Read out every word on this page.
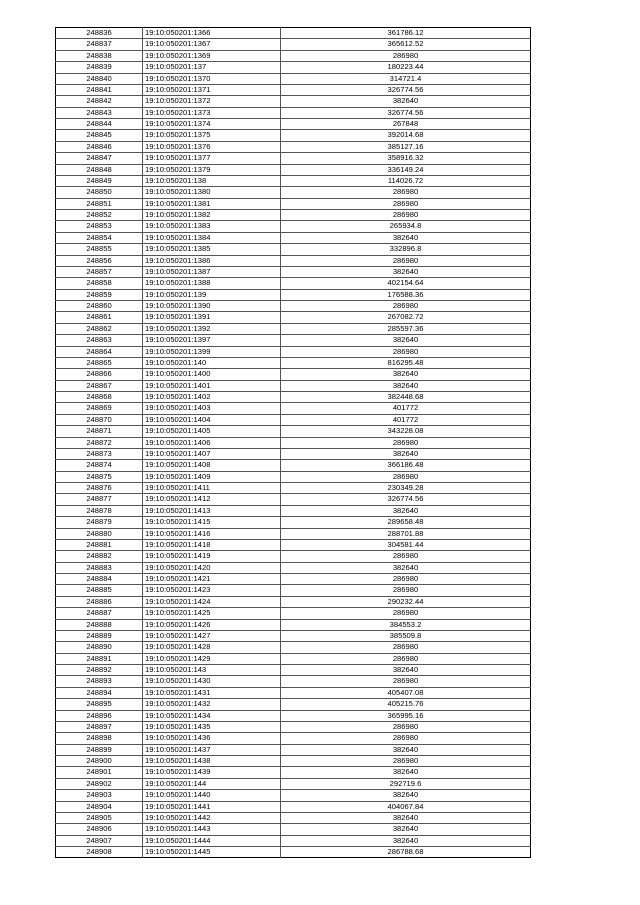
248836	19:10:050201:1366	361786.12
248837	19:10:050201:1367	365612.52
248838	19:10:050201:1369	286980
248839	19:10:050201:137	180223.44
248840	19:10:050201:1370	314721.4
248841	19:10:050201:1371	326774.56
248842	19:10:050201:1372	382640
248843	19:10:050201:1373	326774.56
248844	19:10:050201:1374	267848
248845	19:10:050201:1375	392014.68
248846	19:10:050201:1376	385127.16
248847	19:10:050201:1377	358916.32
248848	19:10:050201:1379	336149.24
248849	19:10:050201:138	114026.72
248850	19:10:050201:1380	286980
248851	19:10:050201:1381	286980
248852	19:10:050201:1382	286980
248853	19:10:050201:1383	265934.8
248854	19:10:050201:1384	382640
248855	19:10:050201:1385	332896.8
248856	19:10:050201:1386	286980
248857	19:10:050201:1387	382640
248858	19:10:050201:1388	402154.64
248859	19:10:050201:139	176588.36
248860	19:10:050201:1390	286980
248861	19:10:050201:1391	267082.72
248862	19:10:050201:1392	285597.36
248863	19:10:050201:1397	382640
248864	19:10:050201:1399	286980
248865	19:10:050201:140	816295.48
248866	19:10:050201:1400	382640
248867	19:10:050201:1401	382640
248868	19:10:050201:1402	382448.68
248869	19:10:050201:1403	401772
248870	19:10:050201:1404	401772
248871	19:10:050201:1405	343228.08
248872	19:10:050201:1406	286980
248873	19:10:050201:1407	382640
248874	19:10:050201:1408	366186.48
248875	19:10:050201:1409	286980
248876	19:10:050201:1411	230349.28
248877	19:10:050201:1412	326774.56
248878	19:10:050201:1413	382640
248879	19:10:050201:1415	289658.48
248880	19:10:050201:1416	288701.88
248881	19:10:050201:1418	304581.44
248882	19:10:050201:1419	286980
248883	19:10:050201:1420	382640
248884	19:10:050201:1421	286980
248885	19:10:050201:1423	286980
248886	19:10:050201:1424	290232.44
248887	19:10:050201:1425	286980
248888	19:10:050201:1426	384553.2
248889	19:10:050201:1427	385509.8
248890	19:10:050201:1428	286980
248891	19:10:050201:1429	286980
248892	19:10:050201:143	382640
248893	19:10:050201:1430	286980
248894	19:10:050201:1431	405407.08
248895	19:10:050201:1432	405215.76
248896	19:10:050201:1434	365995.16
248897	19:10:050201:1435	286980
248898	19:10:050201:1436	286980
248899	19:10:050201:1437	382640
248900	19:10:050201:1438	286980
248901	19:10:050201:1439	382640
248902	19:10:050201:144	292719.6
248903	19:10:050201:1440	382640
248904	19:10:050201:1441	404067.84
248905	19:10:050201:1442	382640
248906	19:10:050201:1443	382640
248907	19:10:050201:1444	382640
248908	19:10:050201:1445	286788.68
